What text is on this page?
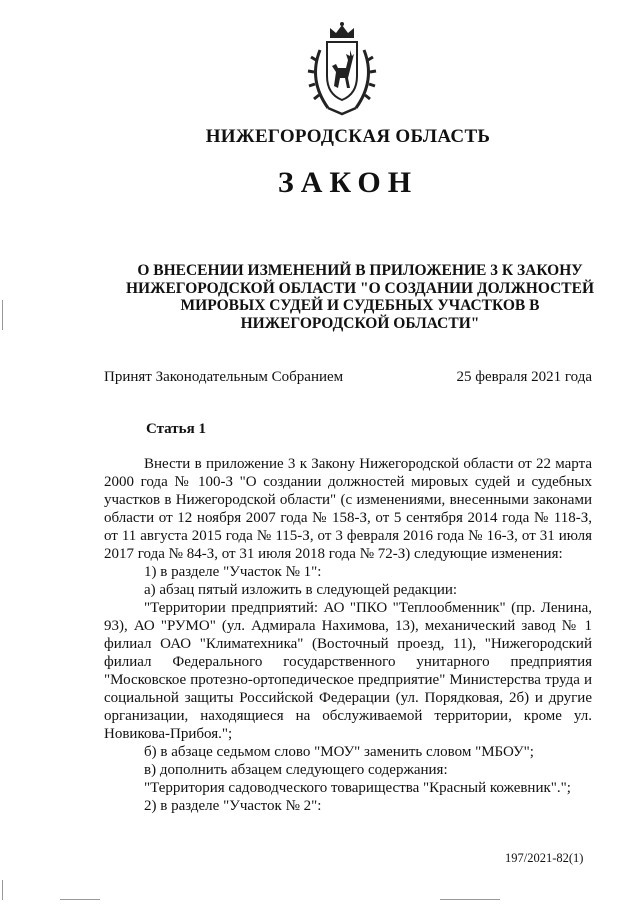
НИЖЕГОРОДСКАЯ ОБЛАСТЬ
ЗАКОН
О ВНЕСЕНИИ ИЗМЕНЕНИЙ В ПРИЛОЖЕНИЕ 3 К ЗАКОНУ
НИЖЕГОРОДСКОЙ ОБЛАСТИ "О СОЗДАНИИ ДОЛЖНОСТЕЙ
МИРОВЫХ СУДЕЙ И СУДЕБНЫХ УЧАСТКОВ В
НИЖЕГОРОДСКОЙ ОБЛАСТИ"
Принят Законодательным Собранием	25 февраля 2021 года
Статья 1

Внести в приложение 3 к Закону Нижегородской области от 22 марта 2000 года № 100-З "О создании должностей мировых судей и судебных участков в Нижегородской области" (с изменениями, внесенными законами области от 12 ноября 2007 года № 158-З, от 5 сентября 2014 года № 118-З, от 11 августа 2015 года № 115-З, от 3 февраля 2016 года № 16-З, от 31 июля 2017 года № 84-З, от 31 июля 2018 года № 72-З) следующие изменения:

1) в разделе "Участок № 1":

а) абзац пятый изложить в следующей редакции:

"Территории предприятий: АО "ПКО "Теплообменник" (пр. Ленина, 93), АО "РУМО" (ул. Адмирала Нахимова, 13), механический завод № 1 филиал ОАО "Климатехника" (Восточный проезд, 11), "Нижегородский филиал Федерального государственного унитарного предприятия "Московское протезно-ортопедическое предприятие" Министерства труда и социальной защиты Российской Федерации (ул. Порядковая, 2б) и другие организации, находящиеся на обслуживаемой территории, кроме ул. Новикова-Прибоя.";

б) в абзаце седьмом слово "МОУ" заменить словом "МБОУ";

в) дополнить абзацем следующего содержания:

"Территория садоводческого товарищества "Красный кожевник".";

2) в разделе "Участок № 2":

197/2021-82(1)
